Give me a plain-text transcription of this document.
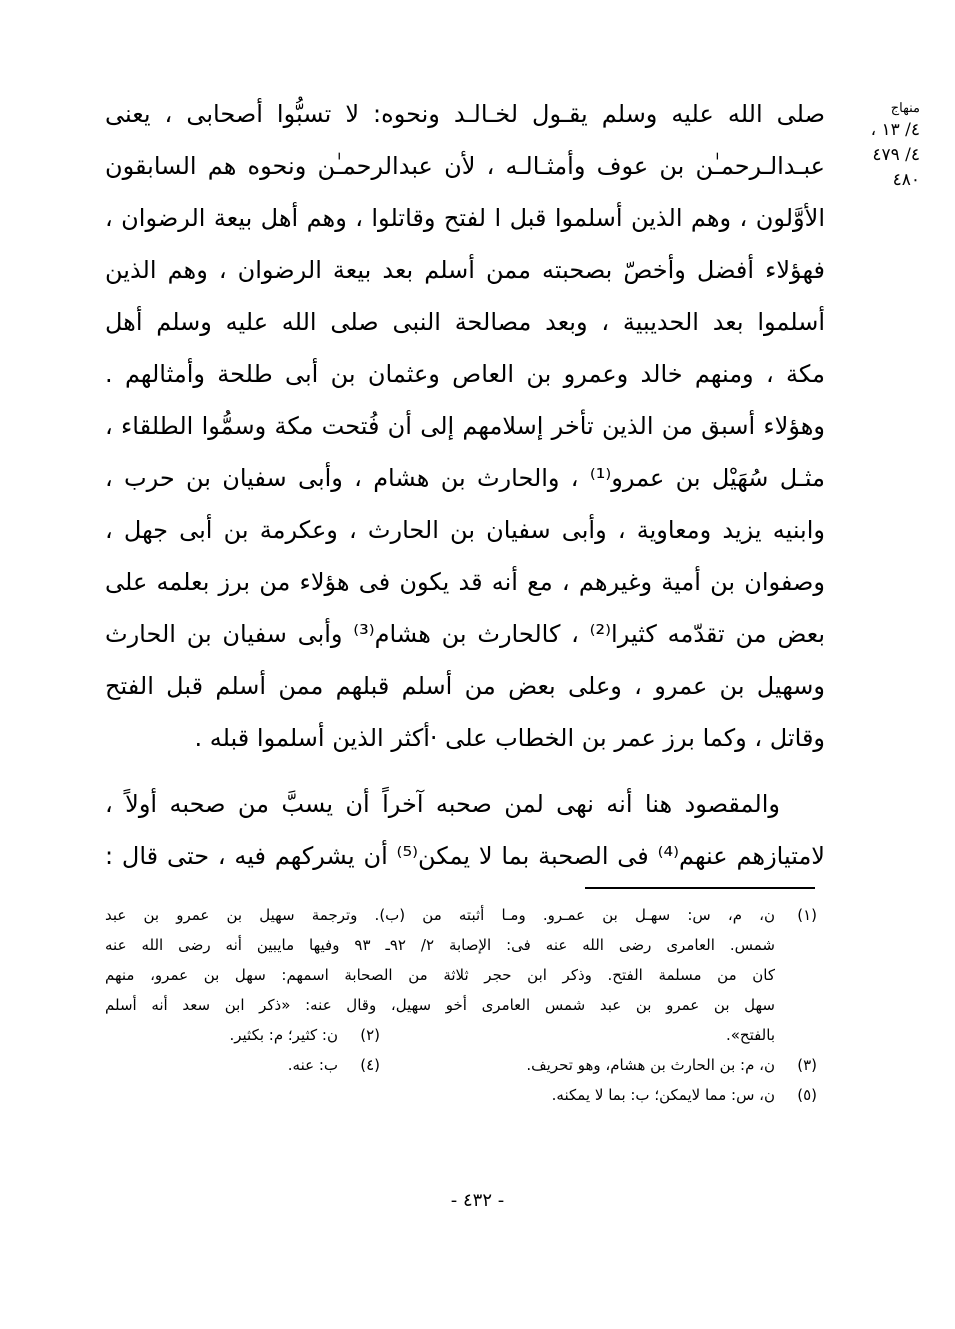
منهاج
٤/ ١٣ ،
٤/ ٤٧٩
٤٨٠
صلى الله عليه وسلم يقـول لخـالـد ونحوه: لا تسبُّوا أصحابى ، يعنى
عبـدالـرحمـٰن بن عوف وأمثـالـه ، لأن عبدالرحمـٰن ونحوه هم السابقون
الأوَّلون ، وهم الذين أسلموا قبل ا لفتح وقاتلوا ، وهم أهل بيعة الرضوان ،
فهؤلاء أفضل وأخصّ بصحبته ممن أسلم بعد بيعة الرضوان ، وهم الذين
أسلموا بعد الحديبية ، وبعد مصالحة النبى صلى الله عليه وسلم أهل
مكة ، ومنهم خالد وعمرو بن العاص وعثمان بن أبى طلحة وأمثالهم .
وهؤلاء أسبق من الذين تأخر إسلامهم إلى أن فُتحت مكة وسمُّوا الطلقاء ،
مثـل سُهَيْل بن عمرو⁽¹⁾ ، والحارث بن هشام ، وأبى سفيان بن حرب ،
وابنيه يزيد ومعاوية ، وأبى سفيان بن الحارث ، وعكرمة بن أبى جهل ،
وصفوان بن أمية وغيرهم ، مع أنه قد يكون فى هؤلاء من برز بعلمه على
بعض من تقدّمه كثيرا⁽²⁾ ، كالحارث بن هشام⁽³⁾ وأبى سفيان بن الحارث
وسهيل بن عمرو ، وعلى بعض من أسلم قبلهم ممن أسلم قبل الفتح
وقاتل ، وكما برز عمر بن الخطاب على ·أكثر الذين أسلموا قبله .
والمقصود هنا أنه نهى لمن صحبه آخراً أن يسبَّ من صحبه أولاً ،
لامتيازهم عنهم⁽⁴⁾ فى الصحبة بما لا يمكن⁽⁵⁾ أن يشركهم فيه ، حتى قال :
(١)
ن، م، س: سهـل بن عمـرو. ومـا أثبته من (ب). وترجمة سهيل بن عمرو بن عبد
شمس. العامرى رضى الله عنه فى: الإصابة ٢/ ٩٢ـ ٩٣ وفيها مايبين أنه رضى الله عنه
كان من مسلمة الفتح. وذكر ابن حجر ثلاثة من الصحابة اسمهم: سهل بن عمرو، منهم
سهل بن عمرو بن عبد شمس العامرى أخو سهيل، وقال عنه: «ذكر ابن سعد أنه أسلم
بالفتح».
(٢)
ن: كثير؛ م: بكثير.
(٣)
ن، م: بن الحارث بن هشام، وهو تحريف.
(٤)
ب: عنه.
(٥)
ن، س: مما لايمكن؛ ب: بما لا يمكنه.
- ٤٣٢ -
